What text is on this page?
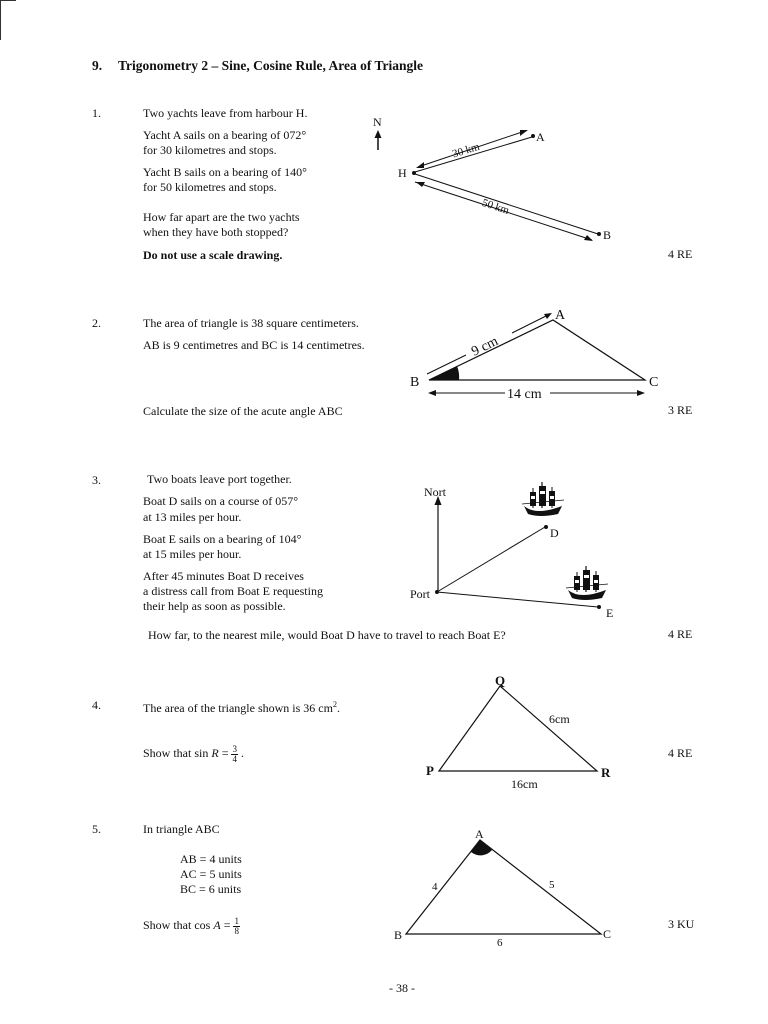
9. Trigonometry 2 – Sine, Cosine Rule, Area of Triangle
1.	Two yachts leave from harbour H.
Yacht A sails on a bearing of 072°
for 30 kilometres and stops.
Yacht B sails on a bearing of 140°
for 50 kilometres and stops.
How far apart are the two yachts
when they have both stopped?
Do not use a scale drawing.	4 RE
N
H
A
30 km
B
50 km
2.	The area of triangle is 38 square centimeters.
AB is 9 centimetres and BC is 14 centimetres.
Calculate the size of the acute angle ABC	3 RE
A
B	C
9 cm
14 cm
3.	Two boats leave port together.
Boat D sails on a course of 057°
at 13 miles per hour.
Boat E sails on a bearing of 104°
at 15 miles per hour.
After 45 minutes Boat D receives
a distress call from Boat E requesting
their help as soon as possible.
How far, to the nearest mile, would Boat D have to travel to reach Boat E?	4 RE
Nort
Port
D
E
4.	The area of the triangle shown is 36 $cm^2$.
Show that $\sin R = \frac{3}{4}$ .	4 RE
Q
P	R
6cm
16cm
5.	In triangle ABC
AB = 4 units
AC = 5 units
BC = 6 units
Show that $\cos A = \frac{1}{8}$	3 KU
A
B	C
4	5
6
- 38 -
